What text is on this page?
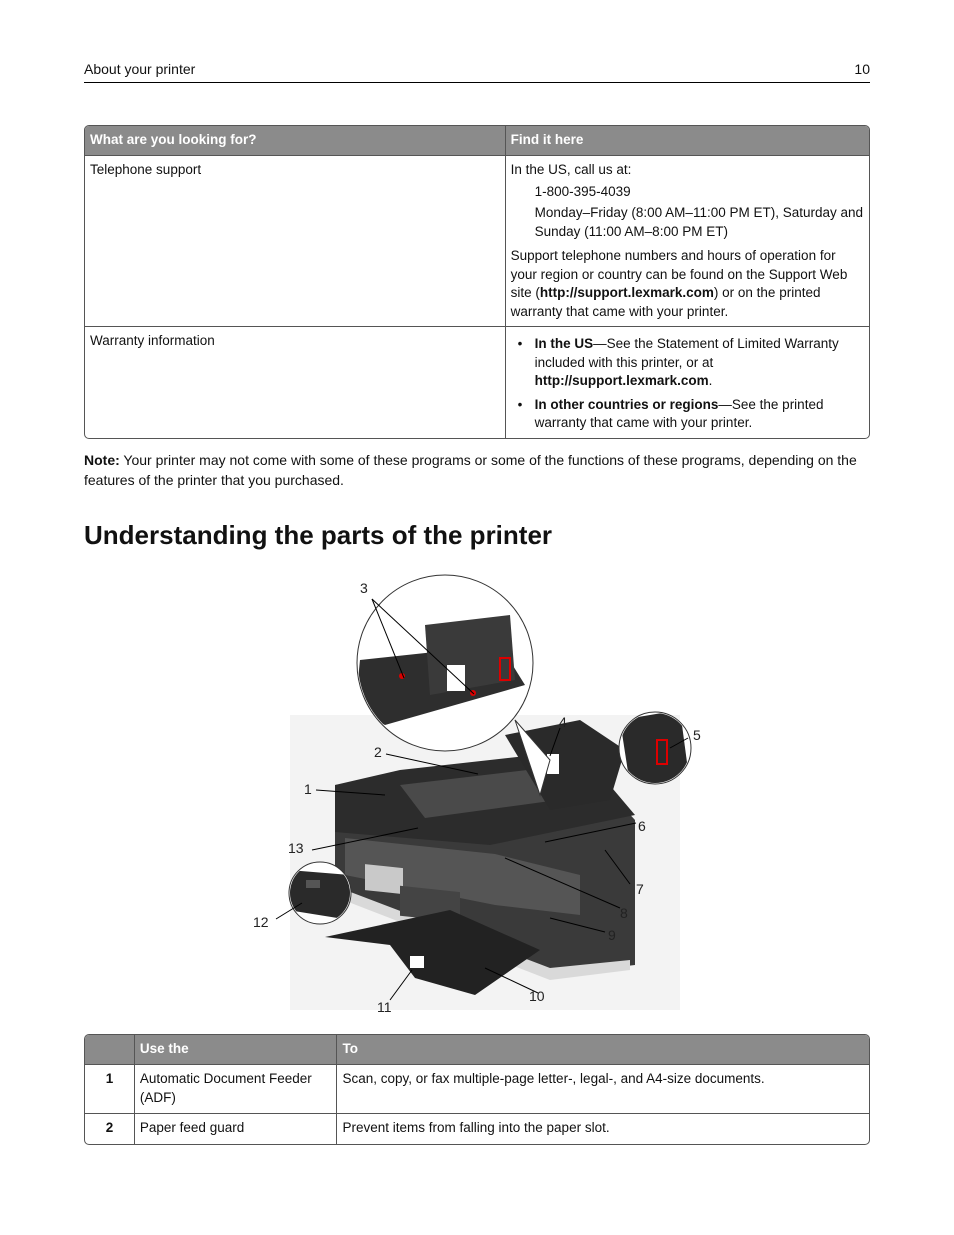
About your printer	10
What are you looking for?	Find it here
Telephone support	In the US, call us at:
1-800-395-4039
Monday–Friday (8:00 AM–11:00 PM ET), Saturday and Sunday (11:00 AM–8:00 PM ET)
Support telephone numbers and hours of operation for your region or country can be found on the Support Web site (http://support.lexmark.com) or on the printed warranty that came with your printer.

Warranty information	• In the US—See the Statement of Limited Warranty included with this printer, or at http://support.lexmark.com.
• In other countries or regions—See the printed warranty that came with your printer.
Note: Your printer may not come with some of these programs or some of the functions of these programs, depending on the features of the printer that you purchased.
Understanding the parts of the printer
1
2
3
4
5
6
7
8
9
10
11
12
13
	Use the	To
1	Automatic Document Feeder (ADF)	Scan, copy, or fax multiple-page letter-, legal-, and A4-size documents.
2	Paper feed guard	Prevent items from falling into the paper slot.
